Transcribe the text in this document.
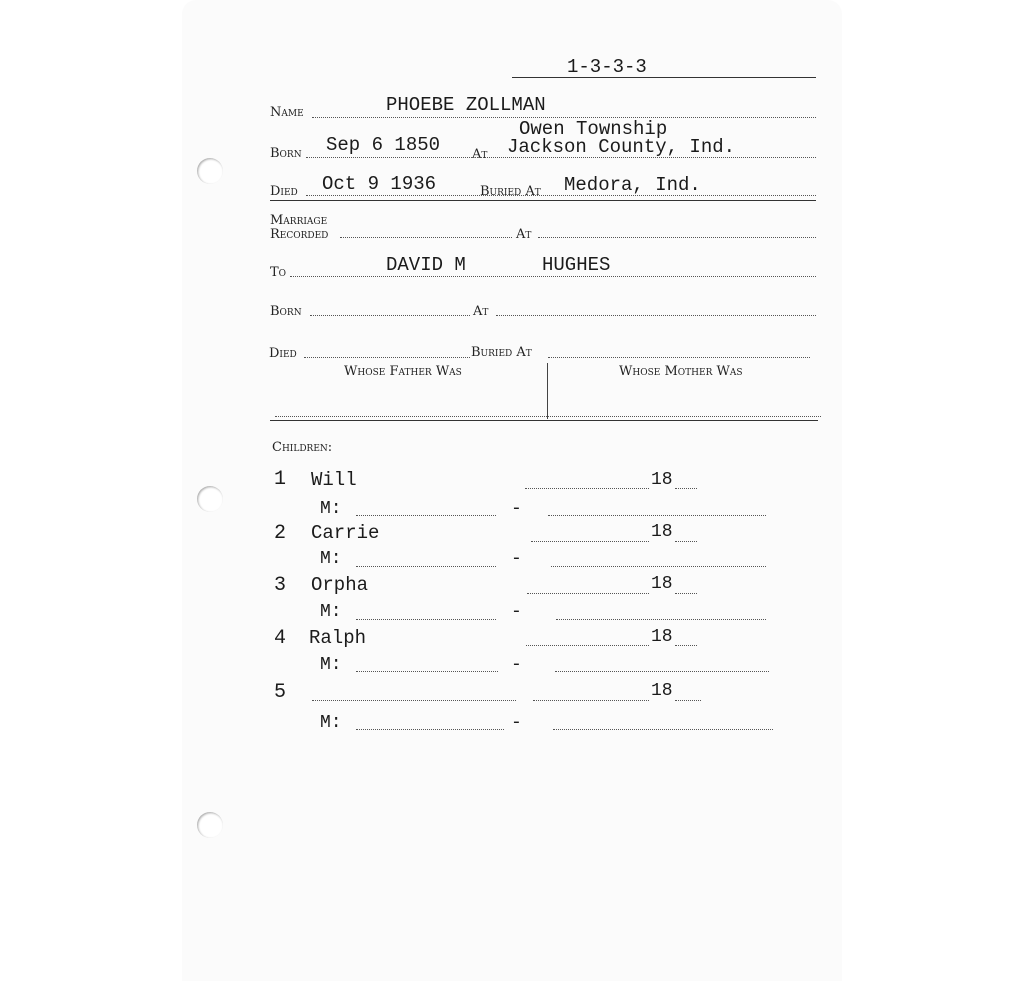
1-3-3-3
Name	PHOEBE ZOLLMAN
Owen Township
Born Sep 6 1850 At Jackson County, Ind.
Died Oct 9 1936	Buried At Medora, Ind.
Marriage
Recorded	At
To	DAVID M	HUGHES
Born	At
Died	Buried At
Whose Father Was	Whose Mother Was
Children:
1 Will	18
M:	-
2 Carrie	18
M:	-
3 Orpha	18
M:	-
4 Ralph	18
M:	-
5	18
M:	-
